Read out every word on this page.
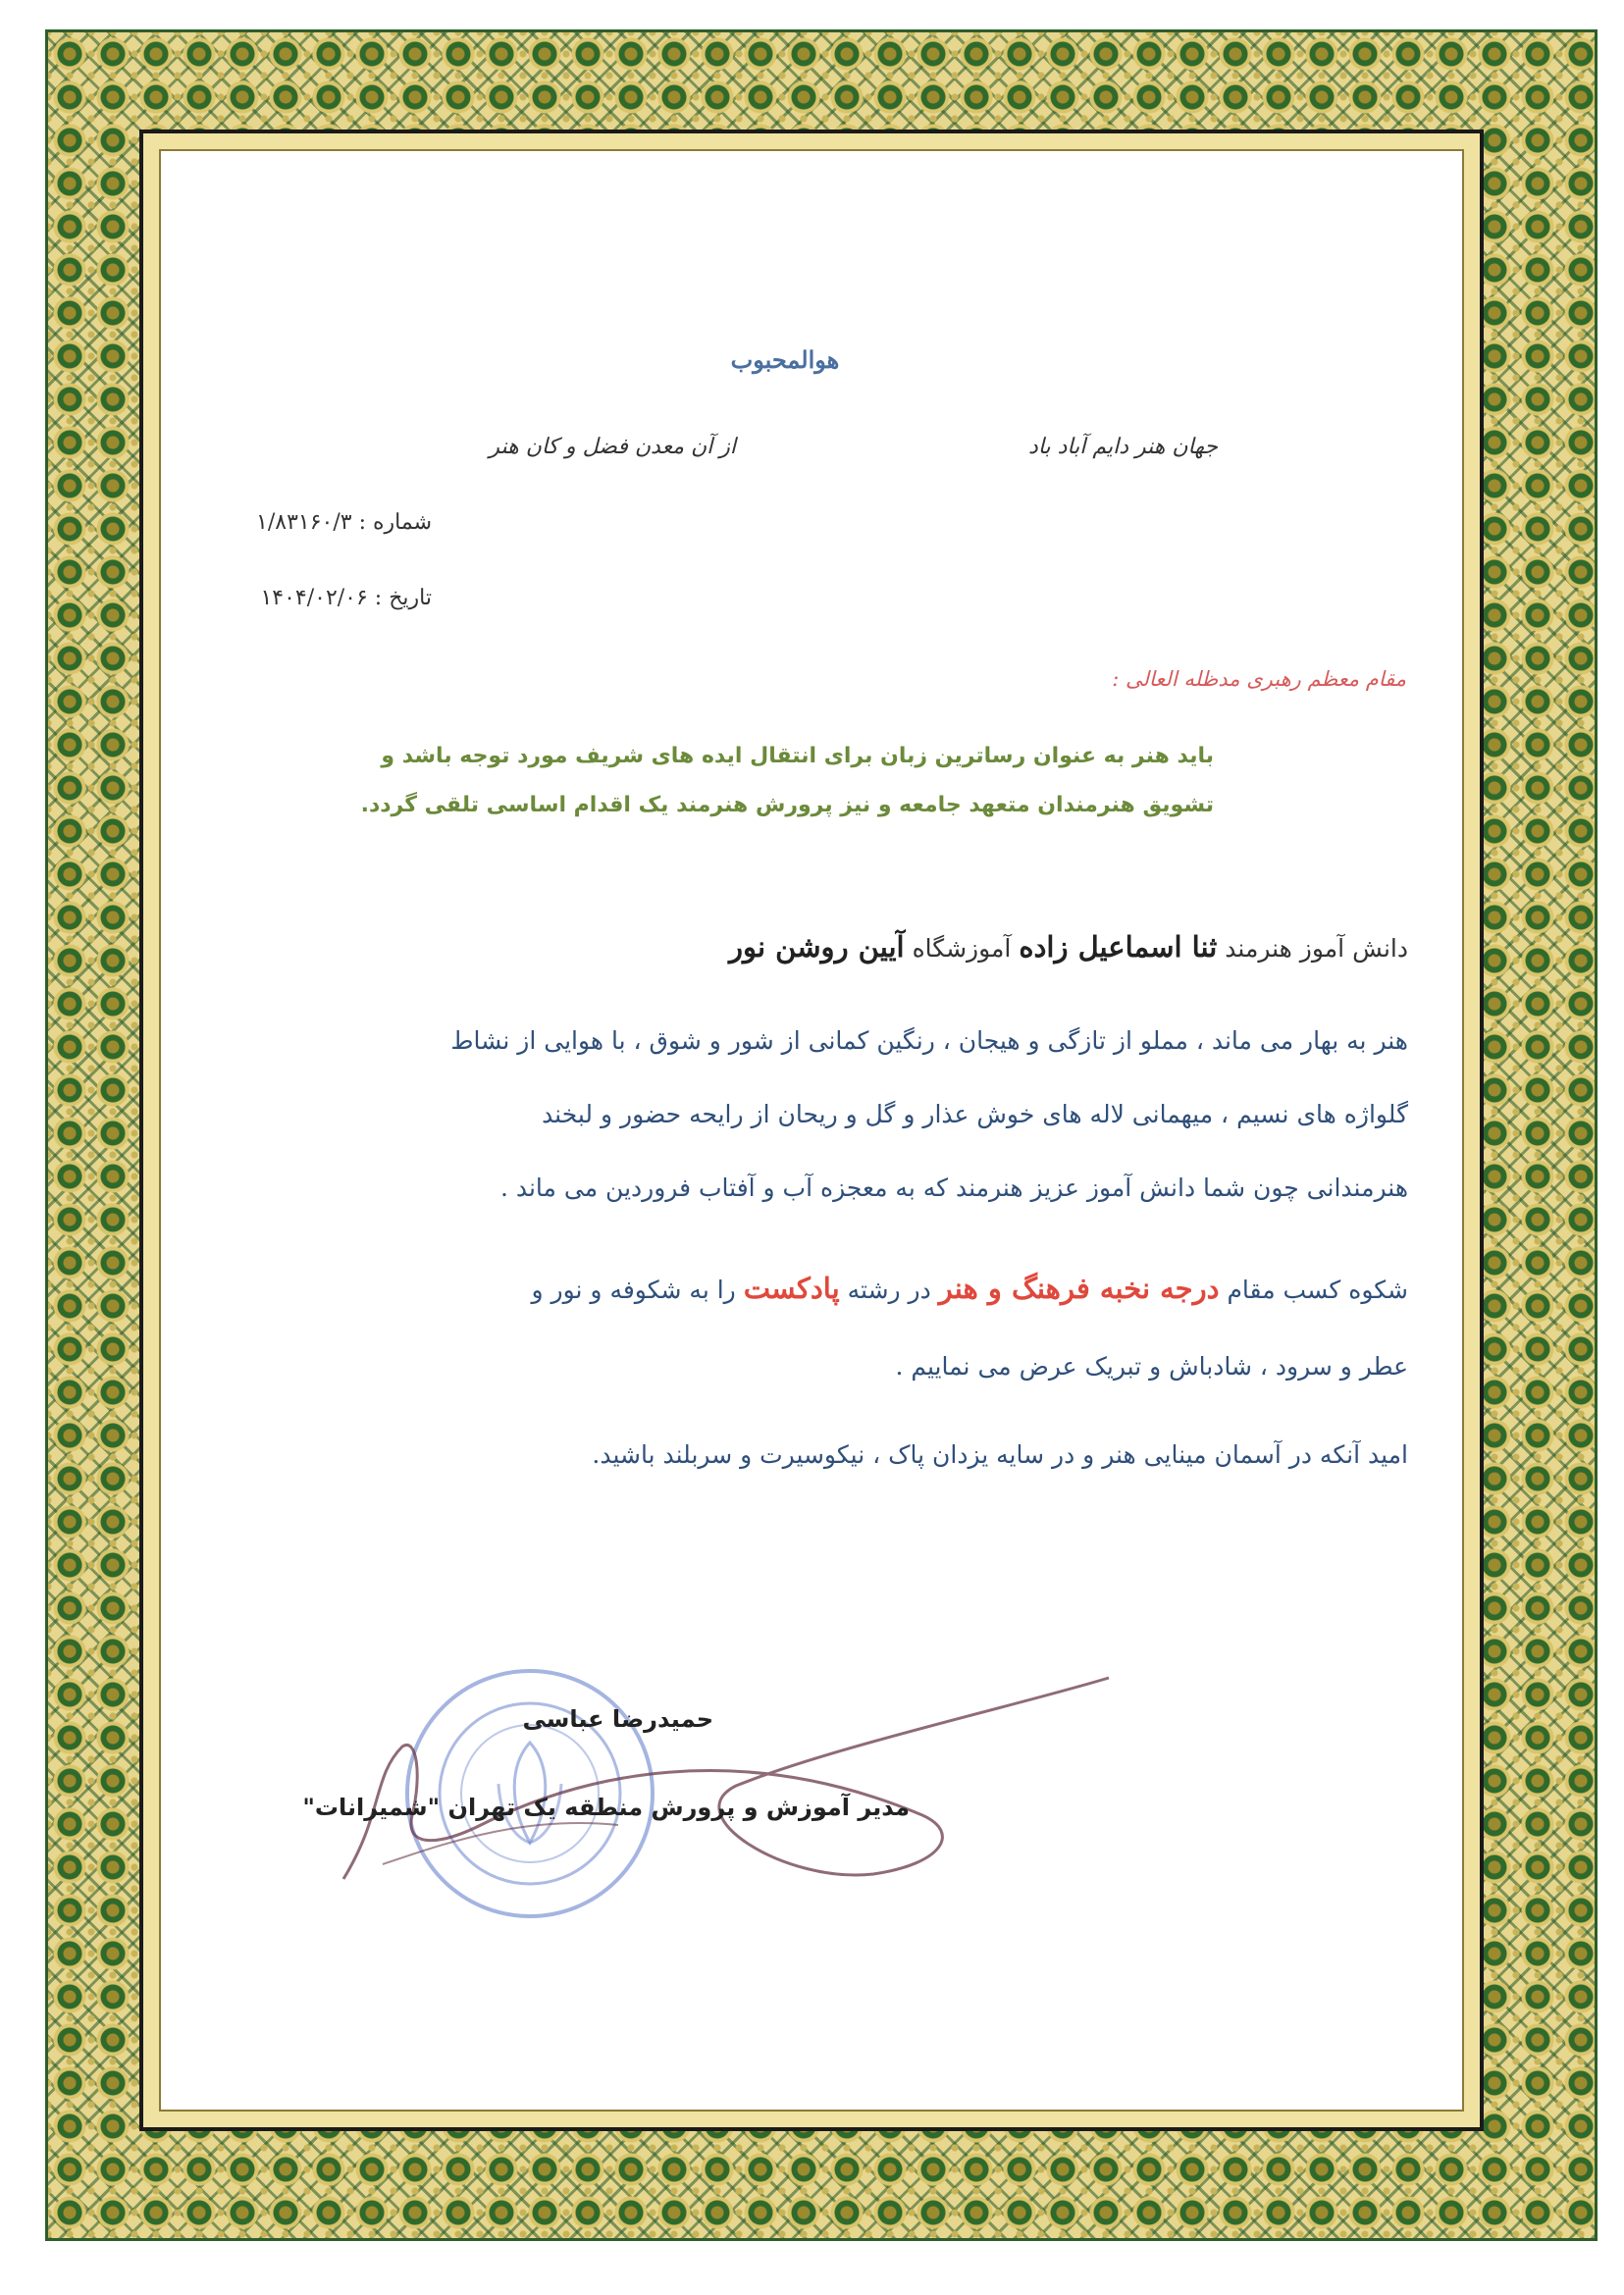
هوالمحبوب
جهان هنر دایم آباد باد
از آن معدن فضل و کان هنر
شماره : ۱/۸۳۱۶۰/۳
تاریخ : ۱۴۰۴/۰۲/۰۶
مقام معظم رهبری مدظله العالی :
باید هنر به عنوان رساترین زبان برای انتقال ایده های شریف مورد توجه باشد و
تشویق هنرمندان متعهد جامعه و نیز پرورش هنرمند یک اقدام اساسی تلقی گردد.
دانش آموز هنرمند ثنا اسماعیل زاده آموزشگاه آیین روشن نور
هنر به بهار می ماند ، مملو از تازگی و هیجان ، رنگین کمانی از شور و شوق ، با هوایی از نشاط
گلواژه های نسیم ، میهمانی لاله های خوش عذار و گل و ریحان از رایحه حضور و لبخند
هنرمندانی چون شما دانش آموز عزیز هنرمند که به معجزه آب و آفتاب فروردین می ماند .
شکوه کسب مقام درجه نخبه فرهنگ و هنر در رشته پادکست را به شکوفه و نور و
عطر و سرود ، شادباش و تبریک عرض می نماییم .
امید آنکه در آسمان مینایی هنر و در سایه یزدان پاک ، نیکوسیرت و سربلند باشید.
حمیدرضا عباسی
مدیر آموزش و پرورش منطقه یک تهران "شمیرانات"
